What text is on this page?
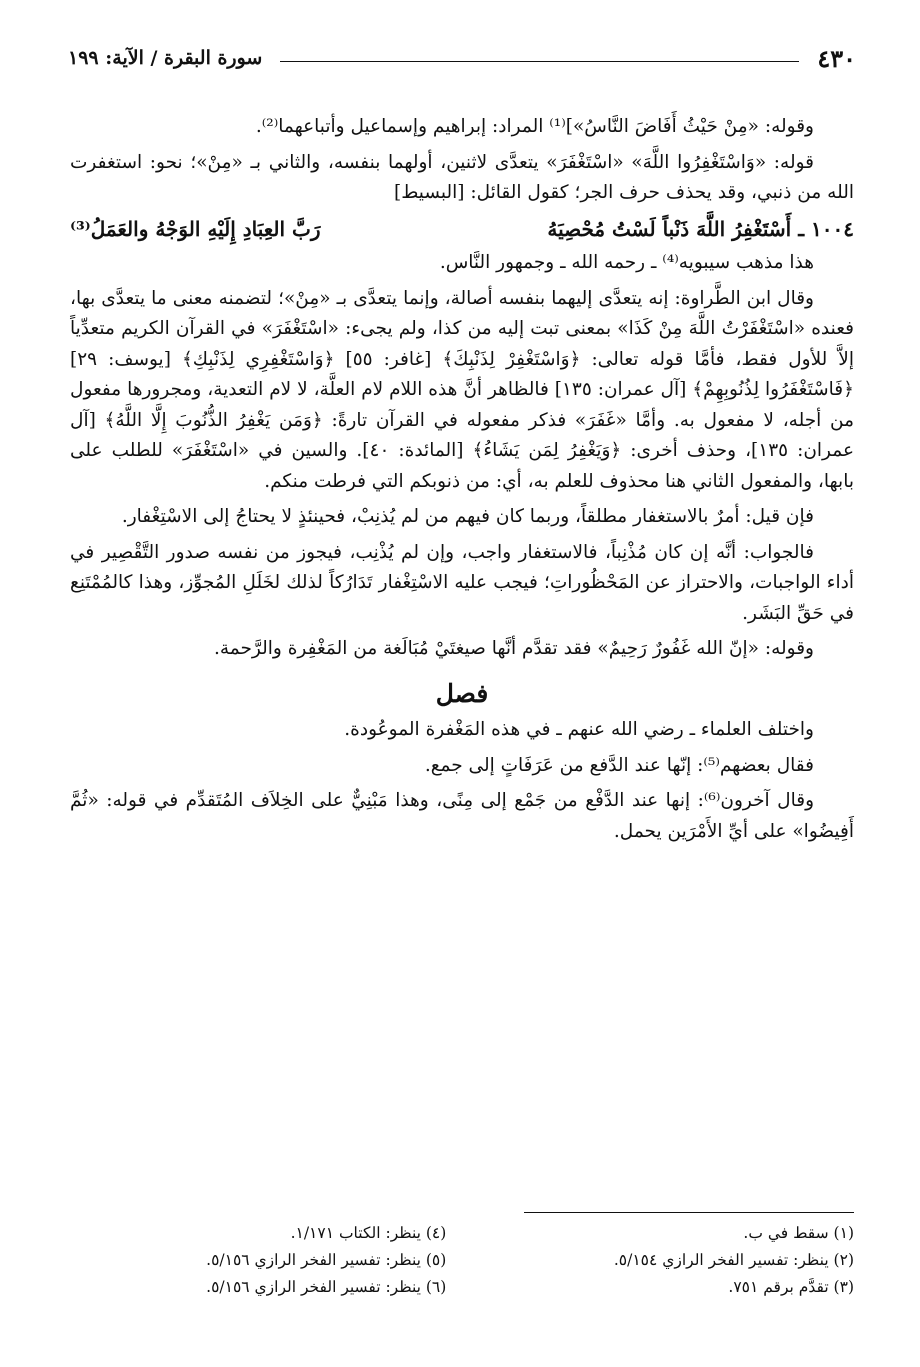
٤٣٠
سورة البقرة / الآية: ١٩٩

وقوله: «مِنْ حَيْثُ أَفَاضَ النَّاسُ»]⁽¹⁾ المراد: إبراهيم وإسماعيل وأتباعهما⁽²⁾.

قوله: «وَاسْتَغْفِرُوا اللَّهَ» «اسْتَغْفَرَ» يتعدَّى لاثنين، أولهما بنفسه، والثاني بـ «مِنْ»؛ نحو: استغفرت الله من ذنبي، وقد يحذف حرف الجر؛ كقول القائل: [البسيط]

١٠٠٤ ـ أَسْتَغْفِرُ اللَّهَ ذَنْباً لَسْتُ مُحْصِيَهُ
رَبَّ العِبَادِ إِلَيْهِ الوَجْهُ والعَمَلُ⁽³⁾

هذا مذهب سيبويه⁽⁴⁾ ـ رحمه الله ـ وجمهور النَّاس.

وقال ابن الطَّراوة: إنه يتعدَّى إليهما بنفسه أصالة، وإنما يتعدَّى بـ «مِنْ»؛ لتضمنه معنى ما يتعدَّى بها، فعنده «اسْتَغْفَرْتُ اللَّهَ مِنْ كَذَا» بمعنى تبت إليه من كذا، ولم يجىء: «اسْتَغْفَرَ» في القرآن الكريم متعدِّياً إلاَّ للأول فقط، فأمَّا قوله تعالى: ﴿وَاسْتَغْفِرْ لِذَنْبِكَ﴾ [غافر: ٥٥] ﴿وَاسْتَغْفِرِي لِذَنْبِكِ﴾ [يوسف: ٢٩] ﴿فَاسْتَغْفَرُوا لِذُنُوبِهِمْ﴾ [آل عمران: ١٣٥] فالظاهر أنَّ هذه اللام لام العلَّة، لا لام التعدية، ومجرورها مفعول من أجله، لا مفعول به. وأمَّا «غَفَرَ» فذكر مفعوله في القرآن تارةً: ﴿وَمَن يَغْفِرُ الذُّنُوبَ إِلَّا اللَّهُ﴾ [آل عمران: ١٣٥]، وحذف أخرى: ﴿وَيَغْفِرُ لِمَن يَشَاءُ﴾ [المائدة: ٤٠]. والسين في «اسْتَغْفَرَ» للطلب على بابها، والمفعول الثاني هنا محذوف للعلم به، أي: من ذنوبكم التي فرطت منكم.

فإن قيل: أمرٌ بالاستغفار مطلقاً، وربما كان فيهم من لم يُذنِبْ، فحينئذٍ لا يحتاجُ إلى الاسْتِغْفار.

فالجواب: أنَّه إن كان مُذْنِباً، فالاستغفار واجب، وإن لم يُذْنِب، فيجوز من نفسه صدور التَّقْصِير في أداء الواجبات، والاحتراز عن المَحْظُوراتِ؛ فيجب عليه الاسْتِغْفار تَدَارُكاً لذلك لخَلَلِ المُجوِّز، وهذا كالمُمْتَنِع في حَقِّ البَشَر.

وقوله: «إنّ الله غَفُورٌ رَحِيمٌ» فقد تقدَّم أنَّها صيغتَيْ مُبَالَغة من المَغْفِرة والرَّحمة.

فصل

واختلف العلماء ـ رضي الله عنهم ـ في هذه المَغْفرة الموعُودة.

فقال بعضهم⁽⁵⁾: إنّها عند الدَّفع من عَرَفَاتٍ إلى جمع.

وقال آخرون⁽⁶⁾: إنها عند الدَّفْع من جَمْع إلى مِنًى، وهذا مَبْنِيٌّ على الخِلاَف المُتَقدِّم في قوله: «ثُمَّ أَفِيضُوا» على أيِّ الأَمْرَين يحمل.

(١) سقط في ب.
(٢) ينظر: تفسير الفخر الرازي ٥/١٥٤.
(٣) تقدَّم برقم ٧٥١.
(٤) ينظر: الكتاب ١/١٧١.
(٥) ينظر: تفسير الفخر الرازي ٥/١٥٦.
(٦) ينظر: تفسير الفخر الرازي ٥/١٥٦.
